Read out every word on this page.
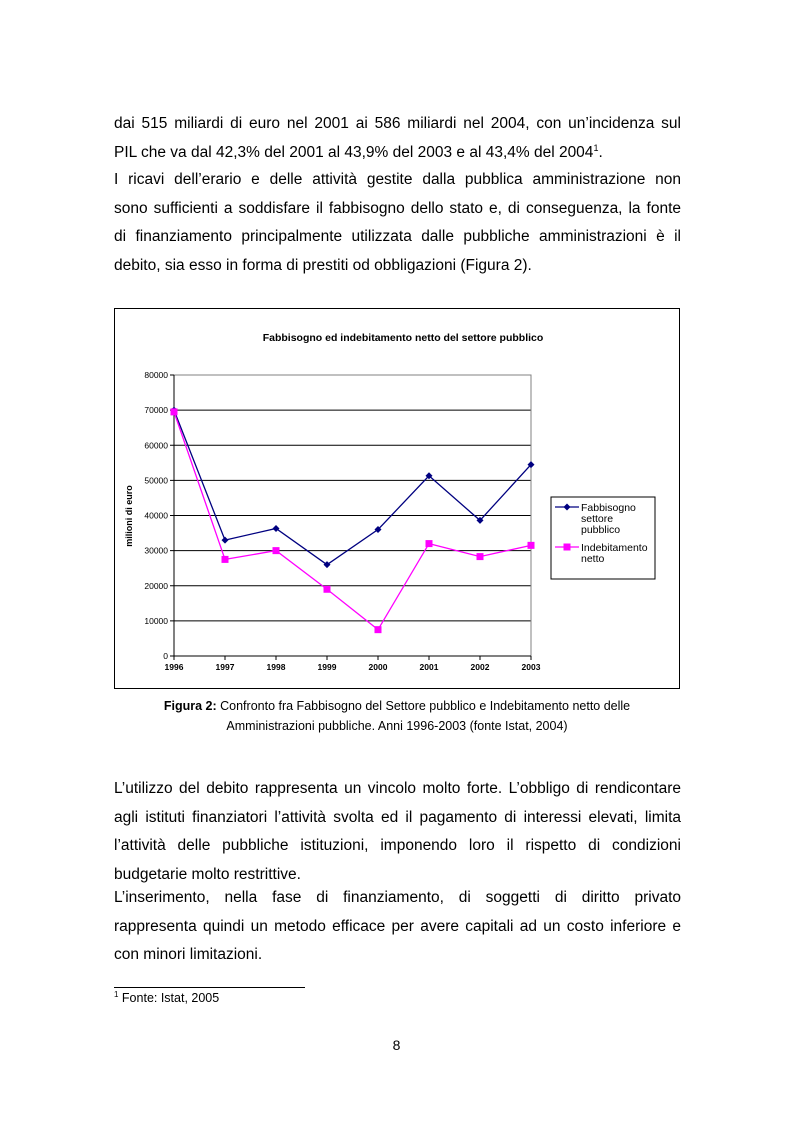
dai 515 miliardi di euro nel 2001 ai 586 miliardi nel 2004, con un’incidenza sul
PIL che va dal 42,3% del 2001 al 43,9% del 2003 e al 43,4% del 2004$^1$.

I ricavi dell’erario e delle attività gestite dalla pubblica amministrazione non
sono sufficienti a soddisfare il fabbisogno dello stato e, di conseguenza, la fonte
di finanziamento principalmente utilizzata dalle pubbliche amministrazioni è il
debito, sia esso in forma di prestiti od obbligazioni (Figura 2).

Fabbisogno ed indebitamento netto del settore pubblico
milioni di euro
0
10000
20000
30000
40000
50000
60000
70000
80000
1996	1997	1998	1999	2000	2001	2002	2003
Fabbisogno
settore
pubblico
Indebitamento
netto

Figura 2: Confronto fra Fabbisogno del Settore pubblico e Indebitamento netto delle
Amministrazioni pubbliche. Anni 1996-2003 (fonte Istat, 2004)

L’utilizzo del debito rappresenta un vincolo molto forte. L’obbligo di rendicontare
agli istituti finanziatori l’attività svolta ed il pagamento di interessi elevati, limita
l’attività delle pubbliche istituzioni, imponendo loro il rispetto di condizioni
budgetarie molto restrittive.

L’inserimento, nella fase di finanziamento, di soggetti di diritto privato
rappresenta quindi un metodo efficace per avere capitali ad un costo inferiore e
con minori limitazioni.

$^1$ Fonte: Istat, 2005
8
